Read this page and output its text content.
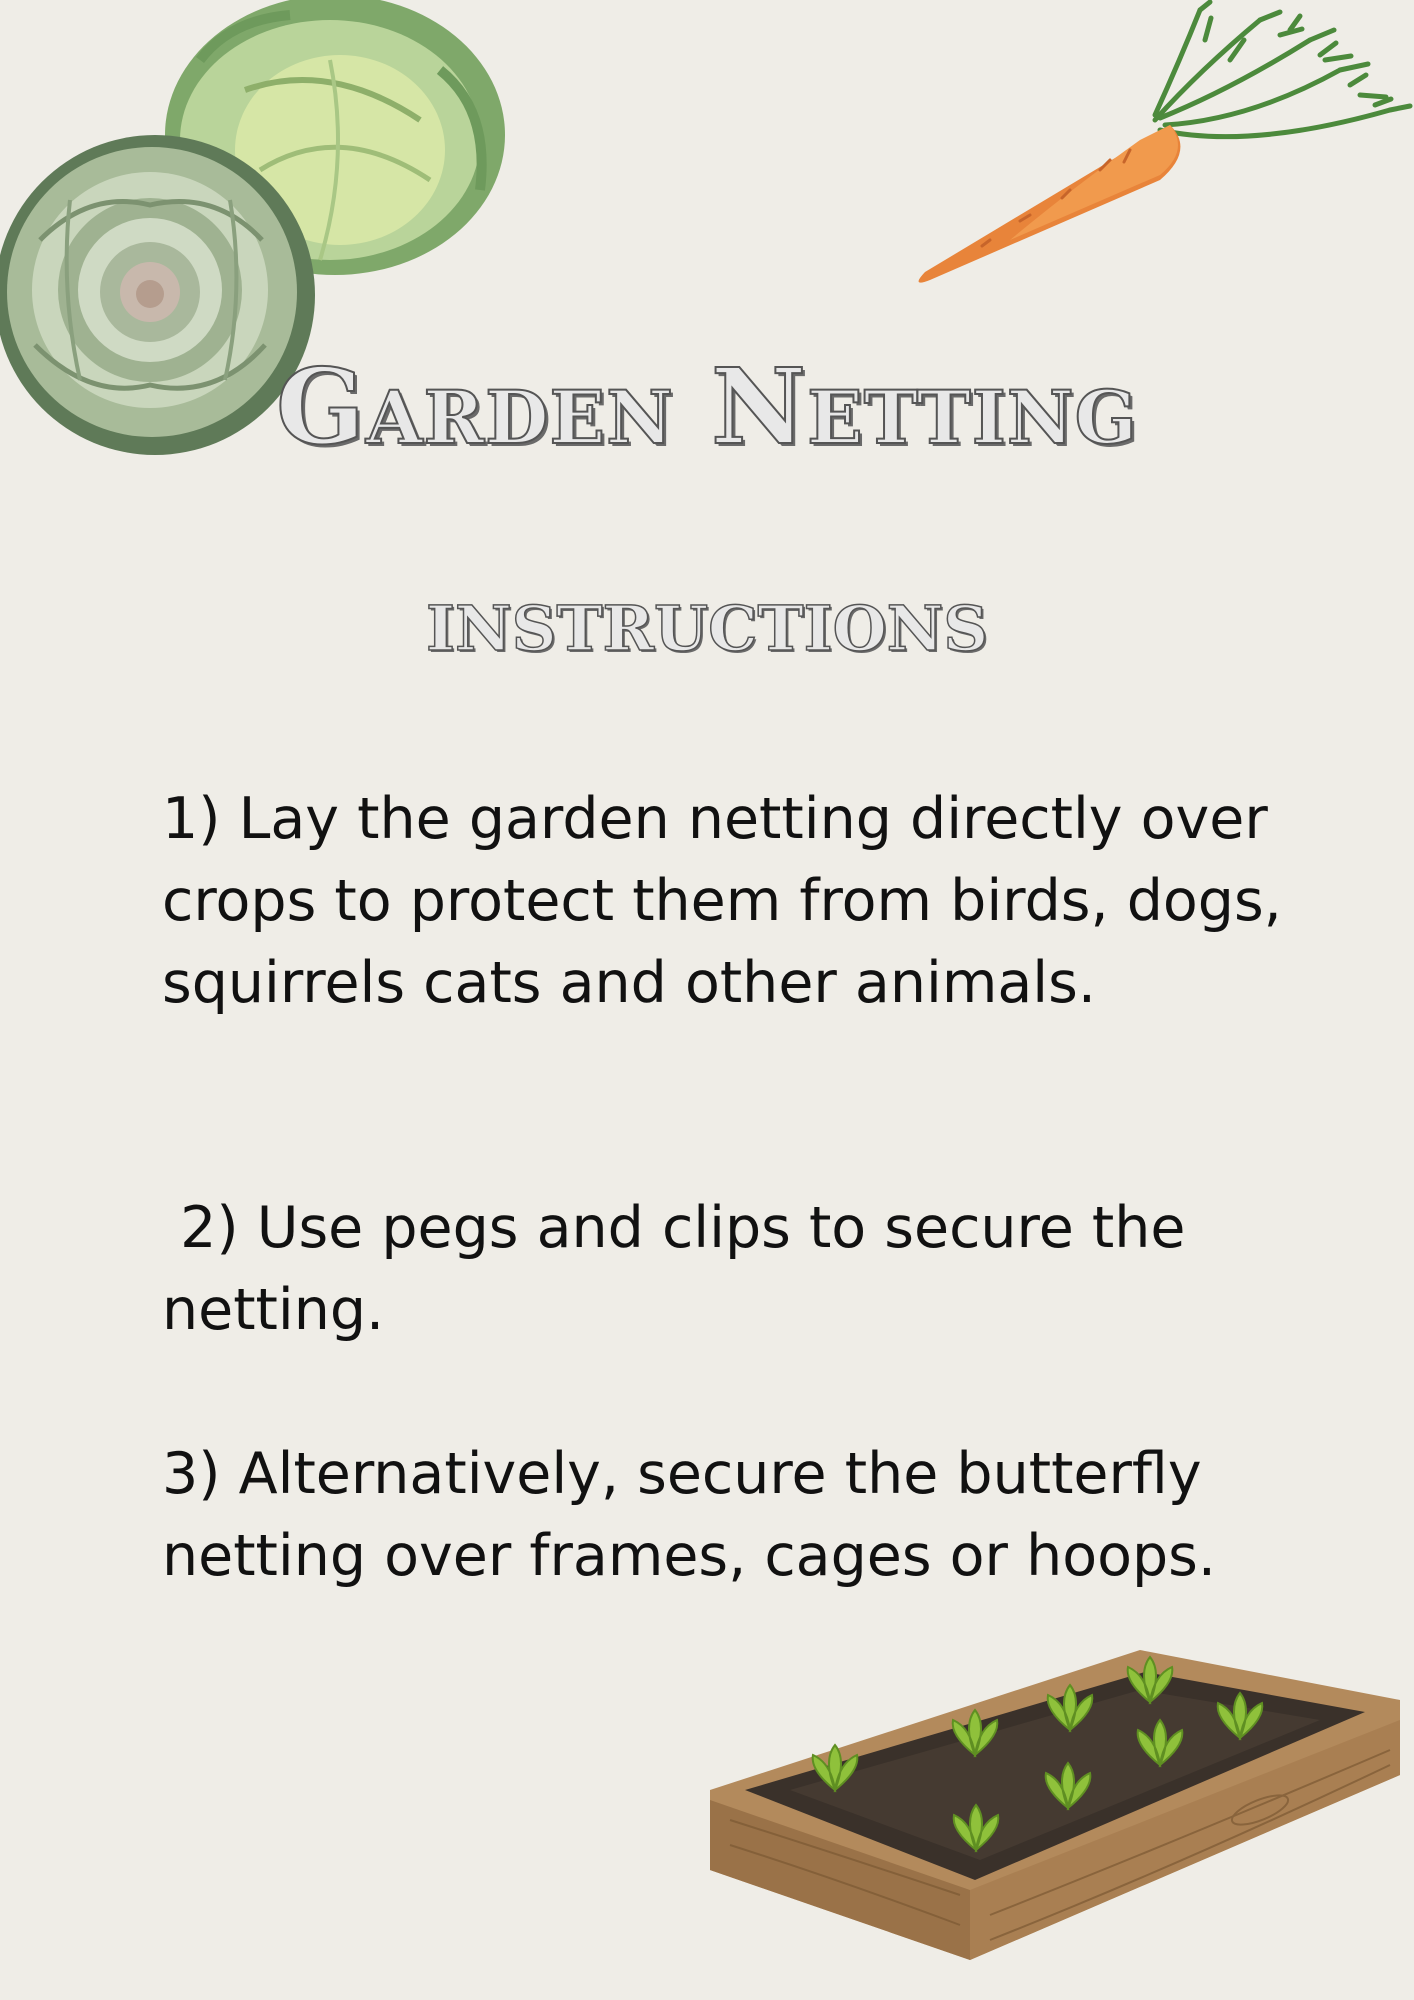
Garden Netting
INSTRUCTIONS

1) Lay the garden netting directly over crops to protect them from birds, dogs, squirrels cats and other animals.

2) Use pegs and clips to secure the netting.

3) Alternatively, secure the butterfly netting over frames, cages or hoops.
